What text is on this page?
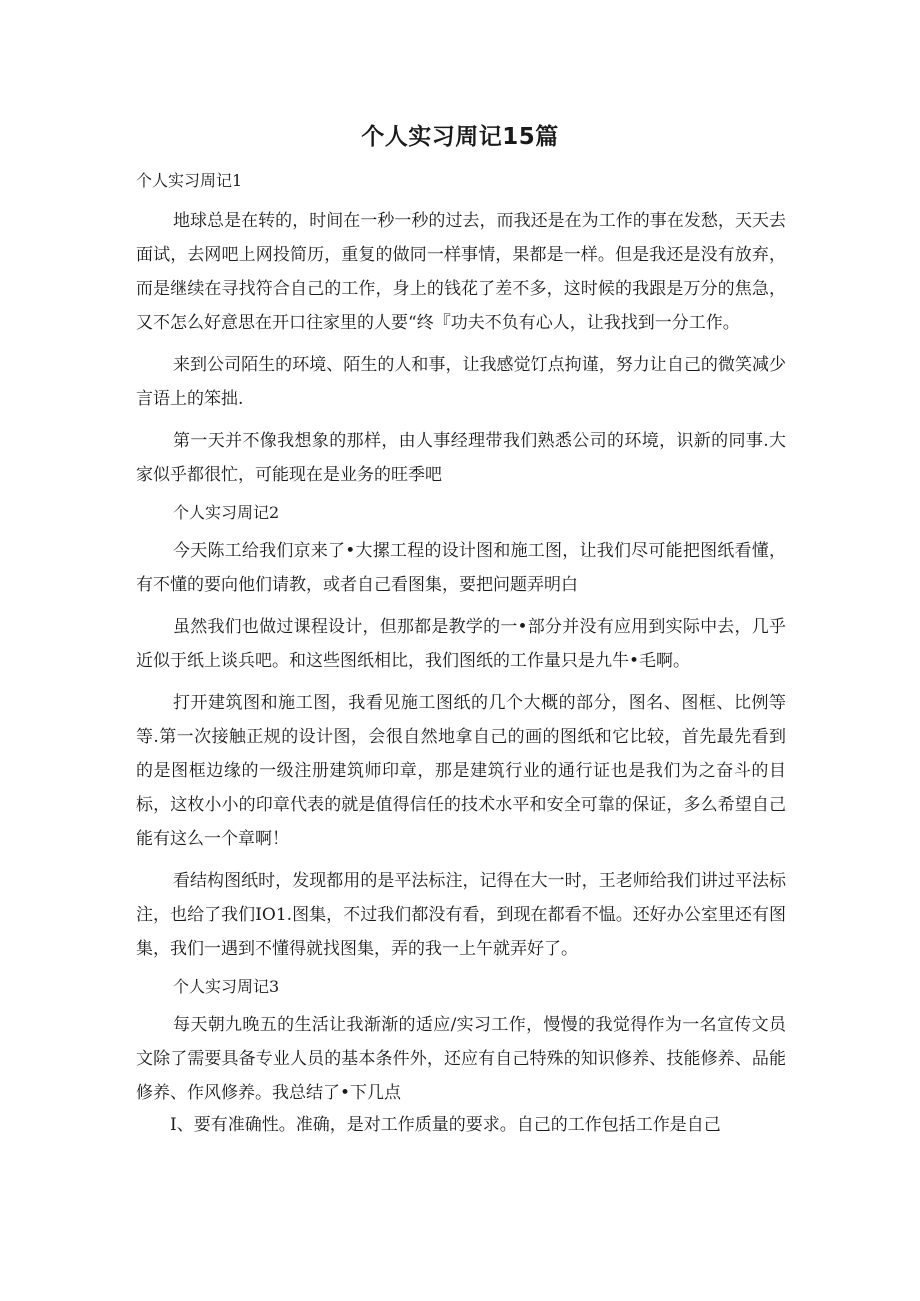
个人实习周记15篇

个人实习周记1

地球总是在转的，时间在一秒一秒的过去，而我还是在为工作的事在发愁，天天去面试，去网吧上网投简历，重复的做同一样事情，果都是一样。但是我还是没有放弃，而是继续在寻找符合自己的工作，身上的钱花了差不多，这时候的我跟是万分的焦急，又不怎么好意思在开口往家里的人要“终『功夫不负有心人，让我找到一分工作。

来到公司陌生的环境、陌生的人和事，让我感觉饤点拘谨，努力让自己的微笑减少言语上的笨拙.

第一天并不像我想象的那样，由人事经理带我们熟悉公司的环境，识新的同事.大家似乎都很忙，可能现在是业务的旺季吧

个人实习周记2

今天陈工给我们京来了•大摞工程的设计图和施工图，让我们尽可能把图纸看懂，有不懂的要向他们请教，或者自己看图集，要把问题弄明白

虽然我们也做过课程设计，但那都是教学的一•部分并没有应用到实际中去，几乎近似于纸上谈兵吧。和这些图纸相比，我们图纸的工作量只是九牛•毛啊。

打开建筑图和施工图，我看见施工图纸的几个大概的部分，图名、图框、比例等等.第一次接触正规的设计图，会很自然地拿自己的画的图纸和它比较，首先最先看到的是图框边缘的一级注册建筑师印章，那是建筑行业的通行证也是我们为之奋斗的目标，这枚小小的印章代表的就是值得信任的技术水平和安全可靠的保证，多么希望自己能有这么一个章啊！

看结构图纸时，发现都用的是平法标注，记得在大一时，王老师给我们讲过平法标注，也给了我们IO1.图集，不过我们都没有看，到现在都看不愠。还好办公室里还有图集，我们一遇到不懂得就找图集，弄的我一上午就弄好了。

个人实习周记3

每天朝九晚五的生活让我渐渐的适应/实习工作，慢慢的我觉得作为一名宣传文员文除了需要具备专业人员的基本条件外，还应有自己特殊的知识修养、技能修养、品能修养、作风修养。我总结了•下几点

I、要有准确性。准确，是对工作质量的要求。自己的工作包括工作是自己
